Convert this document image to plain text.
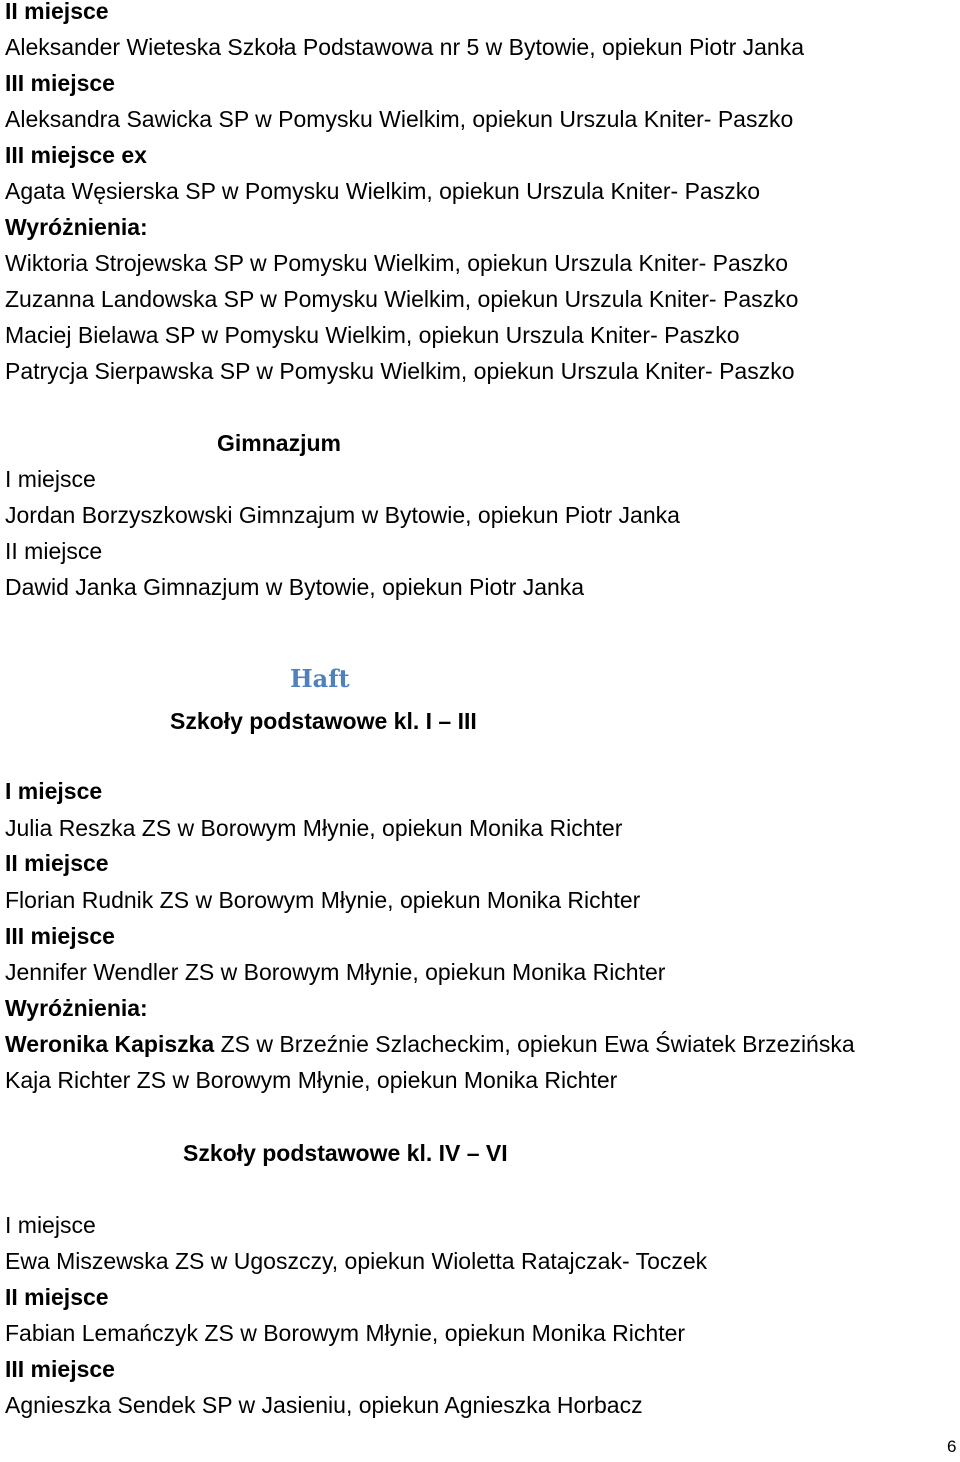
II miejsce
Aleksander Wieteska Szkoła Podstawowa nr 5 w Bytowie, opiekun Piotr Janka
III miejsce
Aleksandra Sawicka SP w Pomysku Wielkim, opiekun Urszula Kniter- Paszko
III miejsce ex
Agata Węsierska SP w Pomysku Wielkim, opiekun Urszula Kniter- Paszko
Wyróżnienia:
Wiktoria Strojewska SP w Pomysku Wielkim, opiekun Urszula Kniter- Paszko
Zuzanna Landowska SP w Pomysku Wielkim, opiekun Urszula Kniter- Paszko
Maciej Bielawa SP w Pomysku Wielkim, opiekun Urszula Kniter- Paszko
Patrycja Sierpawska SP w Pomysku Wielkim, opiekun Urszula Kniter- Paszko
Gimnazjum
I miejsce
Jordan Borzyszkowski Gimnzajum w Bytowie, opiekun Piotr Janka
II miejsce
Dawid Janka Gimnazjum w Bytowie, opiekun Piotr Janka
Haft
Szkoły podstawowe kl. I – III
I miejsce
Julia Reszka ZS w Borowym Młynie, opiekun Monika Richter
II miejsce
Florian Rudnik ZS w Borowym Młynie, opiekun Monika Richter
III miejsce
Jennifer Wendler ZS w Borowym Młynie, opiekun Monika Richter
Wyróżnienia:
Weronika Kapiszka ZS w Brzeźnie Szlacheckim, opiekun Ewa Światek Brzezińska
Kaja Richter ZS w Borowym Młynie, opiekun Monika Richter
Szkoły podstawowe kl. IV – VI
I miejsce
Ewa Miszewska ZS w Ugoszczy, opiekun Wioletta Ratajczak- Toczek
II miejsce
Fabian Lemańczyk ZS w Borowym Młynie, opiekun Monika Richter
III miejsce
Agnieszka Sendek SP w Jasieniu, opiekun Agnieszka Horbacz
6
